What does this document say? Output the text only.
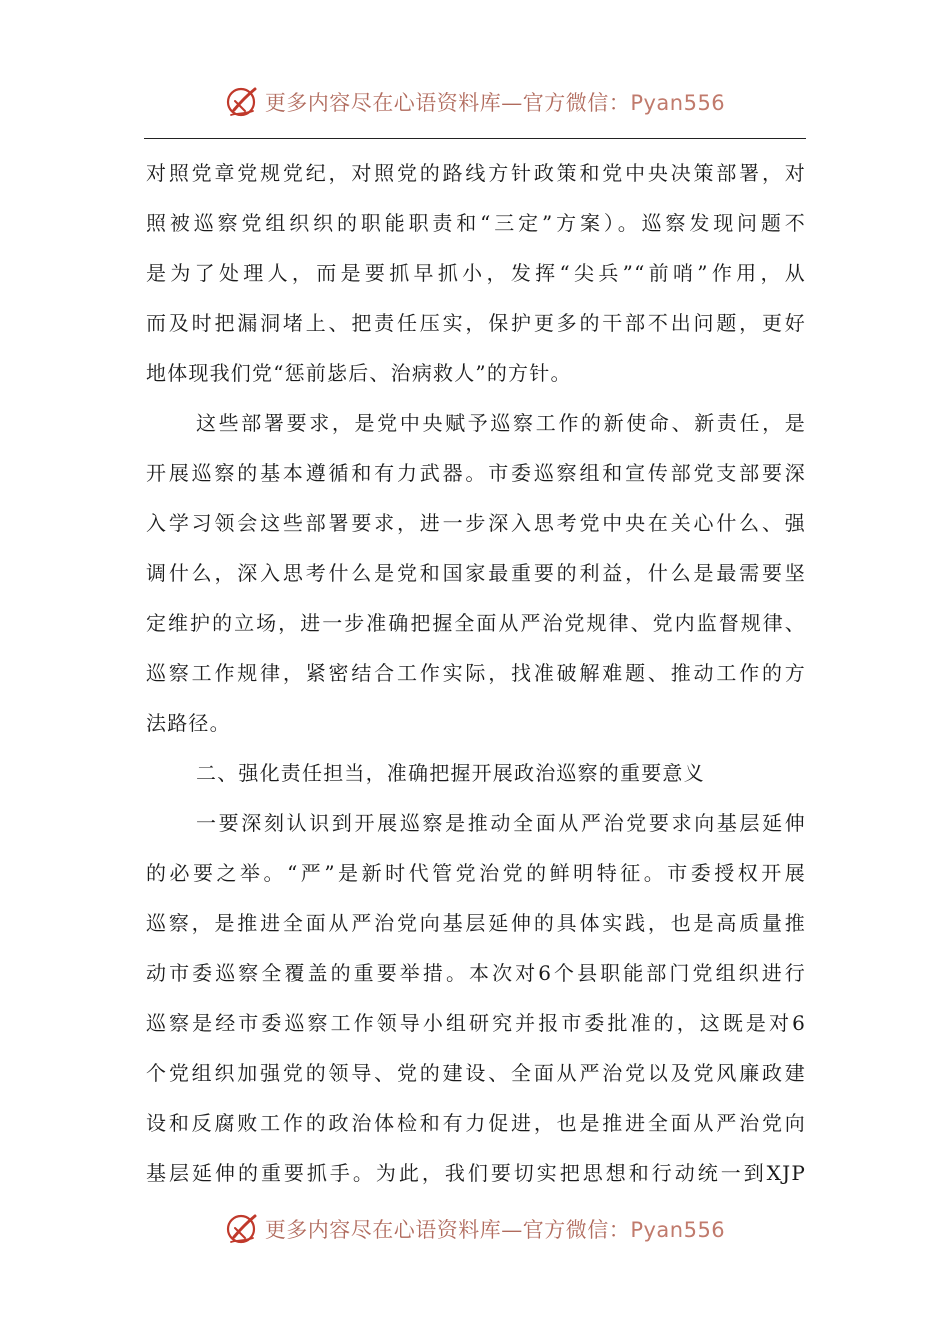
更多内容尽在心语资料库—官方微信：Pyan556
对照党章党规党纪，对照党的路线方针政策和党中央决策部署，对
照被巡察党组织织的职能职责和“三定”方案）。巡察发现问题不
是为了处理人，而是要抓早抓小，发挥“尖兵”“前哨”作用，从
而及时把漏洞堵上、把责任压实，保护更多的干部不出问题，更好
地体现我们党“惩前毖后、治病救人”的方针。
这些部署要求，是党中央赋予巡察工作的新使命、新责任，是
开展巡察的基本遵循和有力武器。市委巡察组和宣传部党支部要深
入学习领会这些部署要求，进一步深入思考党中央在关心什么、强
调什么，深入思考什么是党和国家最重要的利益，什么是最需要坚
定维护的立场，进一步准确把握全面从严治党规律、党内监督规律、
巡察工作规律，紧密结合工作实际，找准破解难题、推动工作的方
法路径。
二、强化责任担当，准确把握开展政治巡察的重要意义
一要深刻认识到开展巡察是推动全面从严治党要求向基层延伸
的必要之举。“严”是新时代管党治党的鲜明特征。市委授权开展
巡察，是推进全面从严治党向基层延伸的具体实践，也是高质量推
动市委巡察全覆盖的重要举措。本次对6个县职能部门党组织进行
巡察是经市委巡察工作领导小组研究并报市委批准的，这既是对6
个党组织加强党的领导、党的建设、全面从严治党以及党风廉政建
设和反腐败工作的政治体检和有力促进，也是推进全面从严治党向
基层延伸的重要抓手。为此，我们要切实把思想和行动统一到XJP
更多内容尽在心语资料库—官方微信：Pyan556
